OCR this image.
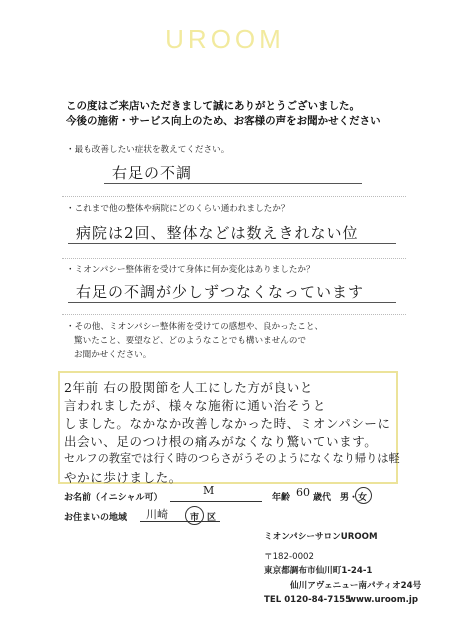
UROOM
この度はご来店いただきまして誠にありがとうございました。
今後の施術・サービス向上のため、お客様の声をお聞かせください
・最も改善したい症状を教えてください。
右足の不調
・これまで他の整体や病院にどのくらい通われましたか？
病院は2回、整体などは数えきれない位
・ミオンパシー整体術を受けて身体に何か変化はありましたか？
右足の不調が少しずつなくなっています
・その他、ミオンパシー整体術を受けての感想や、良かったこと、
驚いたこと、要望など、どのようなことでも構いませんので
お聞かせください。
2年前 右の股関節を人工にした方が良いと
言われましたが、様々な施術に通い治そうと
しました。なかなか改善しなかった時、ミオンパシーに
出会い、足のつけ根の痛みがなくなり驚いています。
セルフの教室では行く時のつらさがうそのようになくなり帰りは軽
やかに歩けました。
お名前（イニシャル可）
M
年齢 60 歳代 男・女
お住まいの地域 川崎 市 区
ミオンパシーサロンUROOM
〒182-0002
東京都調布市仙川町1-24-1
仙川アヴェニュー南パティオ24号
TEL 0120-84-7155
www.uroom.jp
